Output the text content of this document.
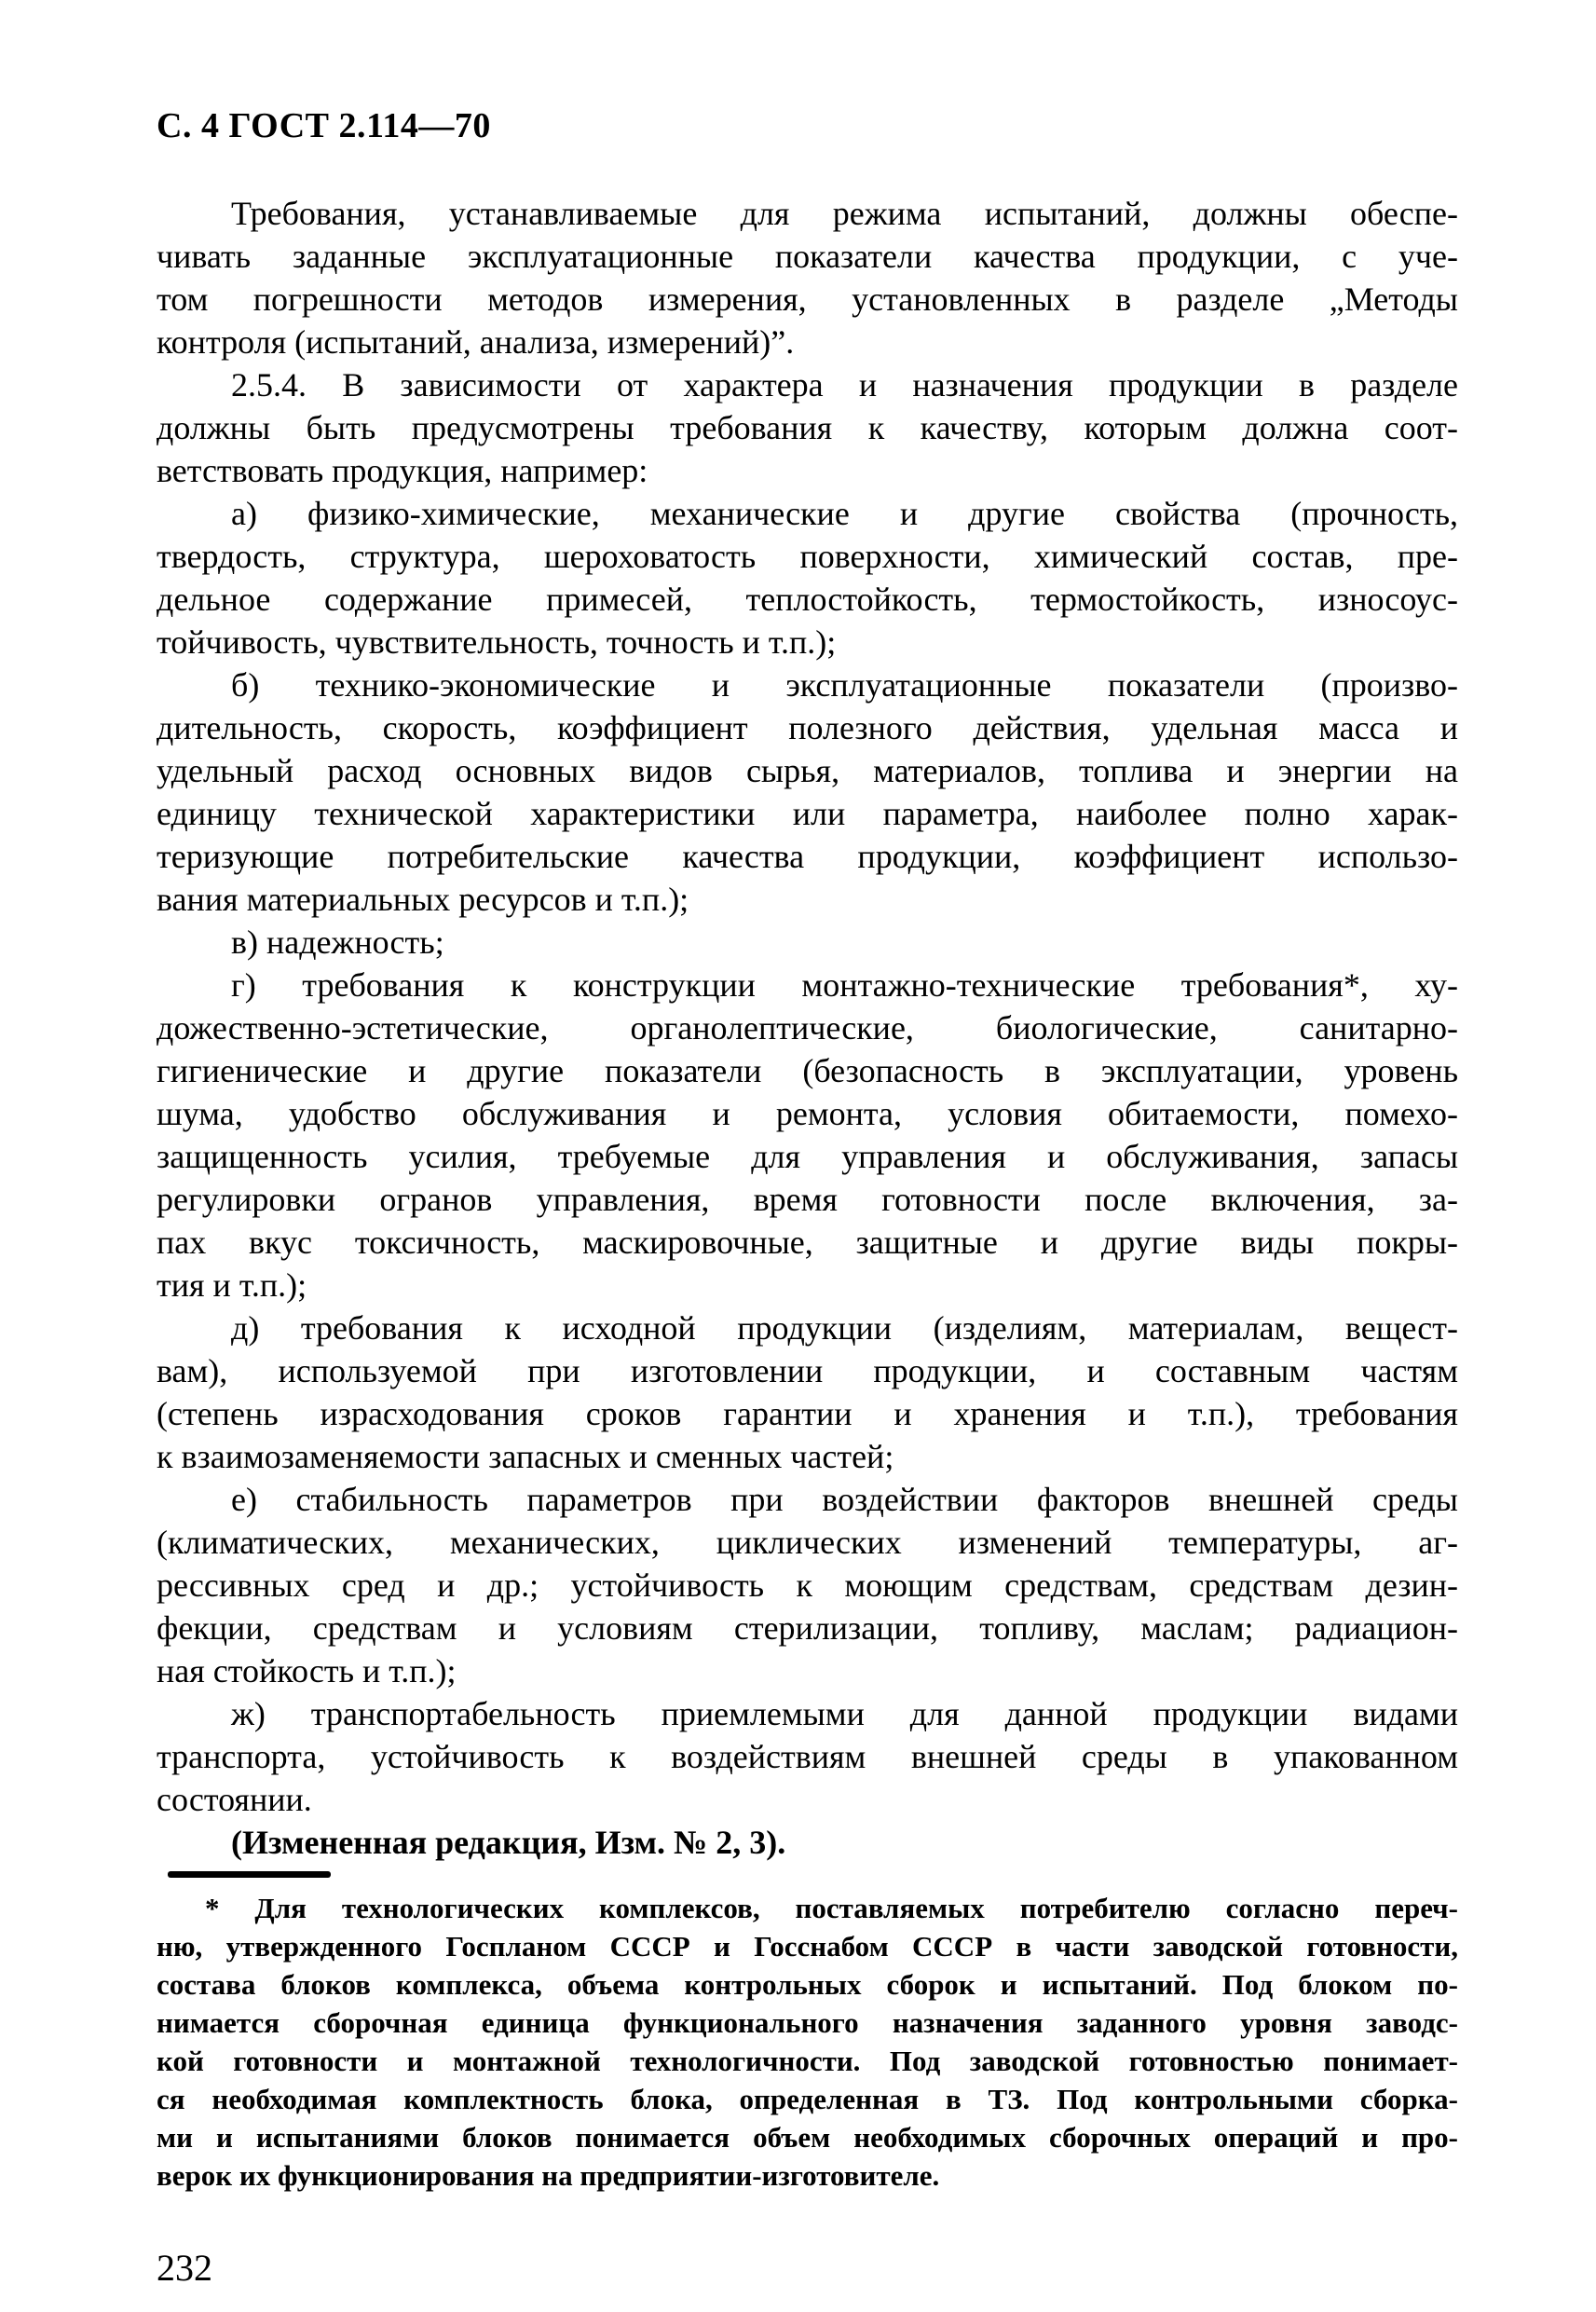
С. 4 ГОСТ 2.114—70
Требования, устанавливаемые для режима испытаний, должны обеспе-
чивать заданные эксплуатационные показатели качества продукции, с уче-
том погрешности методов измерения, установленных в разделе „Методы
контроля (испытаний, анализа, измерений)”.
2.5.4. В зависимости от характера и назначения продукции в разделе
должны быть предусмотрены требования к качеству, которым должна соот-
ветствовать продукция, например:
а) физико-химические, механические и другие свойства (прочность,
твердость, структура, шероховатость поверхности, химический состав, пре-
дельное содержание примесей, теплостойкость, термостойкость, износоус-
тойчивость, чувствительность, точность и т.п.);
б) технико-экономические и эксплуатационные показатели (произво-
дительность, скорость, коэффициент полезного действия, удельная масса и
удельный расход основных видов сырья, материалов, топлива и энергии на
единицу технической характеристики или параметра, наиболее полно харак-
теризующие потребительские качества продукции, коэффициент использо-
вания материальных ресурсов и т.п.);
в) надежность;
г) требования к конструкции монтажно-технические требования*, ху-
дожественно-эстетические, органолептические, биологические, санитарно-
гигиенические и другие показатели (безопасность в эксплуатации, уровень
шума, удобство обслуживания и ремонта, условия обитаемости, помехо-
защищенность усилия, требуемые для управления и обслуживания, запасы
регулировки огранов управления, время готовности после включения, за-
пах вкус токсичность, маскировочные, защитные и другие виды покры-
тия и т.п.);
д) требования к исходной продукции (изделиям, материалам, вещест-
вам), используемой при изготовлении продукции, и составным частям
(степень израсходования сроков гарантии и хранения и т.п.), требования
к взаимозаменяемости запасных и сменных частей;
е) стабильность параметров при воздействии факторов внешней среды
(климатических, механических, циклических изменений температуры, аг-
рессивных сред и др.; устойчивость к моющим средствам, средствам дезин-
фекции, средствам и условиям стерилизации, топливу, маслам; радиацион-
ная стойкость и т.п.);
ж) транспортабельность приемлемыми для данной продукции видами
транспорта, устойчивость к воздействиям внешней среды в упакованном
состоянии.
(Измененная редакция, Изм. № 2, 3).
* Для технологических комплексов, поставляемых потребителю согласно переч-
ню, утвержденного Госпланом СССР и Госснабом СССР в части заводской готовности,
состава блоков комплекса, объема контрольных сборок и испытаний. Под блоком по-
нимается сборочная единица функционального назначения заданного уровня заводс-
кой готовности и монтажной технологичности. Под заводской готовностью понимает-
ся необходимая комплектность блока, определенная в ТЗ. Под контрольными сборка-
ми и испытаниями блоков понимается объем необходимых сборочных операций и про-
верок их функционирования на предприятии-изготовителе.
232
